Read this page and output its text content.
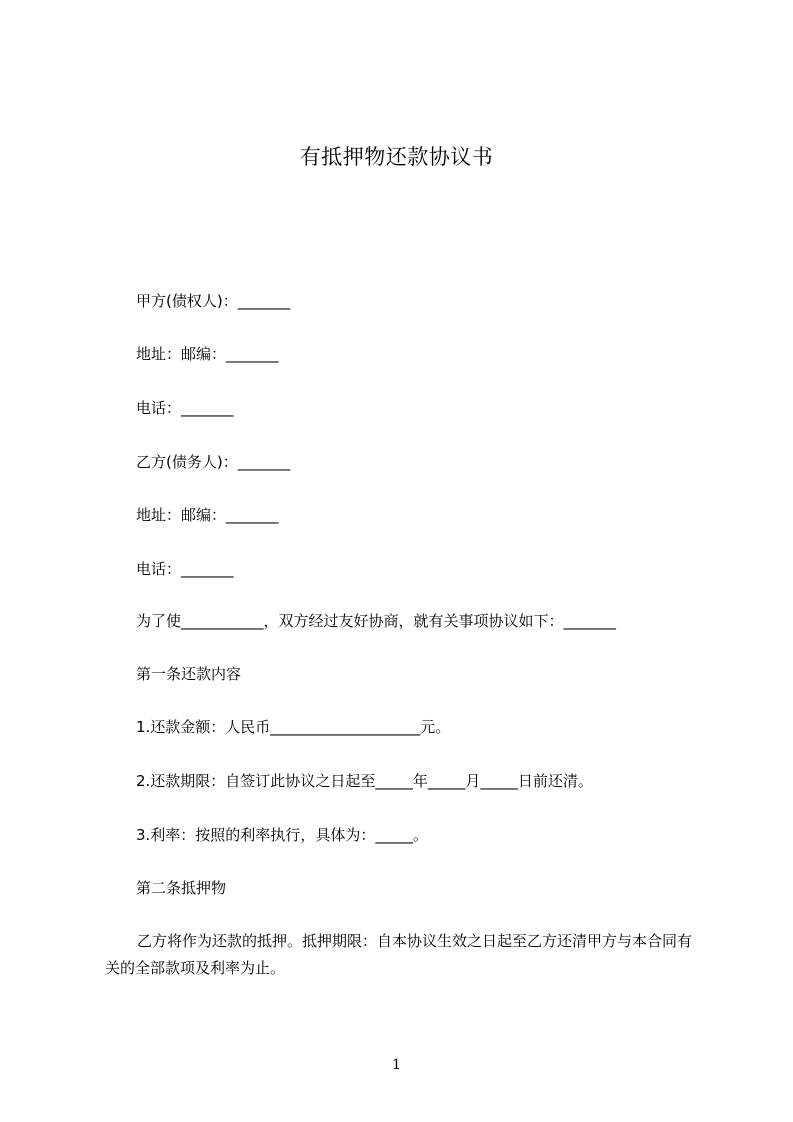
有抵押物还款协议书
甲方(债权人)：_______
地址：邮编：_______
电话：_______
乙方(债务人)：_______
地址：邮编：_______
电话：_______
为了使___________，双方经过友好协商，就有关事项协议如下：_______
第一条还款内容
1.还款金额：人民币____________________元。
2.还款期限：自签订此协议之日起至_____年_____月_____日前还清。
3.利率：按照的利率执行，具体为：_____。
第二条抵押物
乙方将作为还款的抵押。抵押期限：自本协议生效之日起至乙方还清甲方与本合同有关的全部款项及利率为止。
1
